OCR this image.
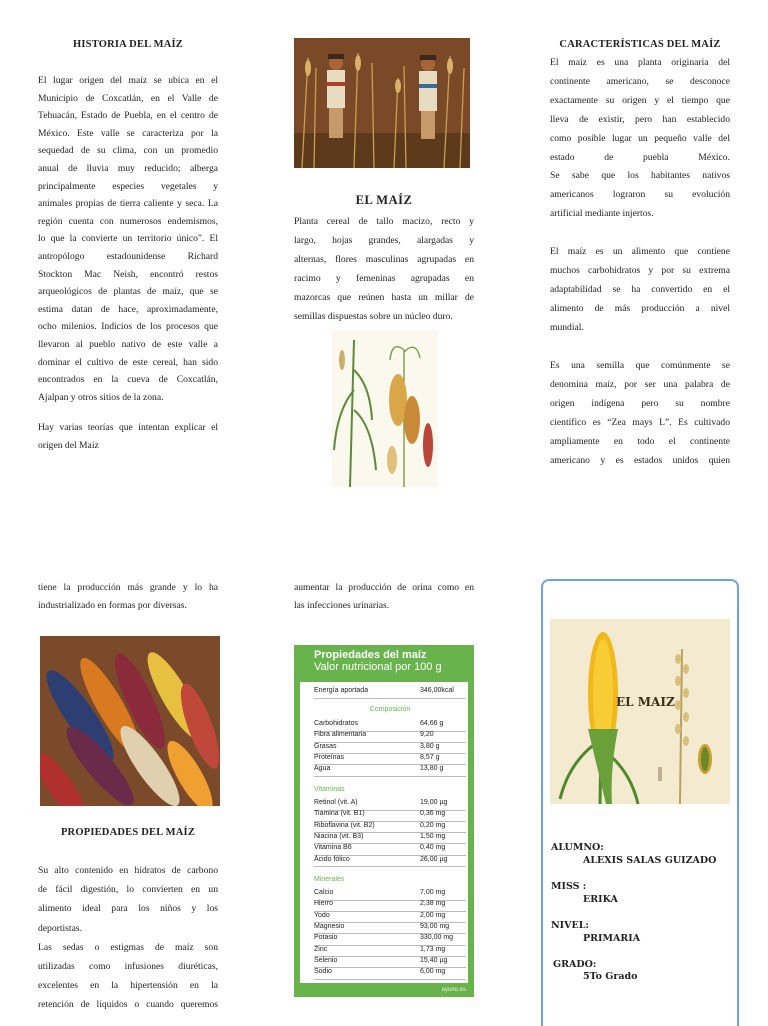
HISTORIA DEL MAÍZ

El lugar origen del maíz se ubica en el

Municipio de Coxcatlán, en el Valle de

Tehuacán, Estado de Puebla, en el centro de

México. Este valle se caracteriza por la

sequedad de su clima, con un promedio

anual de lluvia muy reducido; alberga

principalmente especies vegetales y

animales propias de tierra caliente y seca. La

región cuenta con numerosos endemismos,

lo que la convierte un territorio único". El

antropólogo estadounidense Richard

Stockton Mac Neish, encontró restos

arqueológicos de plantas de maíz, que se

estima datan de hace, aproximadamente,

ocho milenios. Indicios de los procesos que

llevaron al pueblo nativo de este valle a

dominar el cultivo de este cereal, han sido

encontrados en la cueva de Coxcatlán,

Ajalpan y otros sitios de la zona.

Hay varias teorías que intentan explicar el

origen del Maíz

EL MAÍZ

Planta cereal de tallo macizo, recto y

largo, hojas grandes, alargadas y

alternas, flores masculinas agrupadas en

racimo y femeninas agrupadas en

mazorcas que reúnen hasta un millar de

semillas dispuestas sobre un núcleo duro.

CARACTERÍSTICAS DEL MAÍZ

El maíz es una planta originaria del

continente americano, se desconoce

exactamente su origen y el tiempo que

lleva de existir, pero han establecido

como posible lugar un pequeño valle del

estado de puebla México.

Se sabe que los habitantes nativos

americanos lograron su evolución

artificial mediante injertos.

El maíz es un alimento que contiene

muchos carbohidratos y por su extrema

adaptabilidad se ha convertido en el

alimento de más producción a nivel

mundial.

Es una semilla que comúnmente se

denomina maíz, por ser una palabra de

origen indígena pero su nombre

científico es “Zea mays L”. Es cultivado

ampliamente en todo el continente

americano y es estados unidos quien

tiene la producción más grande y lo ha

industrializado en formas por diversas.

PROPIEDADES DEL MAÍZ

Su alto contenido en hidratos de carbono

de fácil digestión, lo convierten en un

alimento ideal para los niños y los

deportistas.

Las sedas o estigmas de maíz son

utilizadas como infusiones diuréticas,

excelentes en la hipertensión en la

retención de líquidos o cuando queremos

aumentar la producción de orina como en

las infecciones urinarias.

Propiedades del maíz
Valor nutricional por 100 g
Energía aportada	346,00kcal
Composición
Vitaminas
Minerales
Carbohidratos	64,66 g
Fibra alimentaria	9,20
Grasas	3,80 g
Proteínas	8,57 g
Agua	13,80 g
Retinol (vit. A)	19,00 µg
Tiamina (vit. B1)	0,36 mg
Riboflavina (vit. B2)	0,20 mg
Niacina (vit. B3)	1,50 mg
Vitamina B6	0,40 mg
Ácido fólico	26,00 µg
Calcio	7,00 mg
Hierro	2,38 mg
Yodo	2,00 mg
Magnesio	93,00 mg
Potasio	330,00 mg
Zinc	1,73 mg
Selenio	15,40 µg
Sodio	6,00 mg
ayuno.es
EL MAIZ
ALUMNO:
ALEXIS SALAS GUIZADO
MISS :
ERIKA
NIVEL:
PRIMARIA
GRADO:
5To Grado
